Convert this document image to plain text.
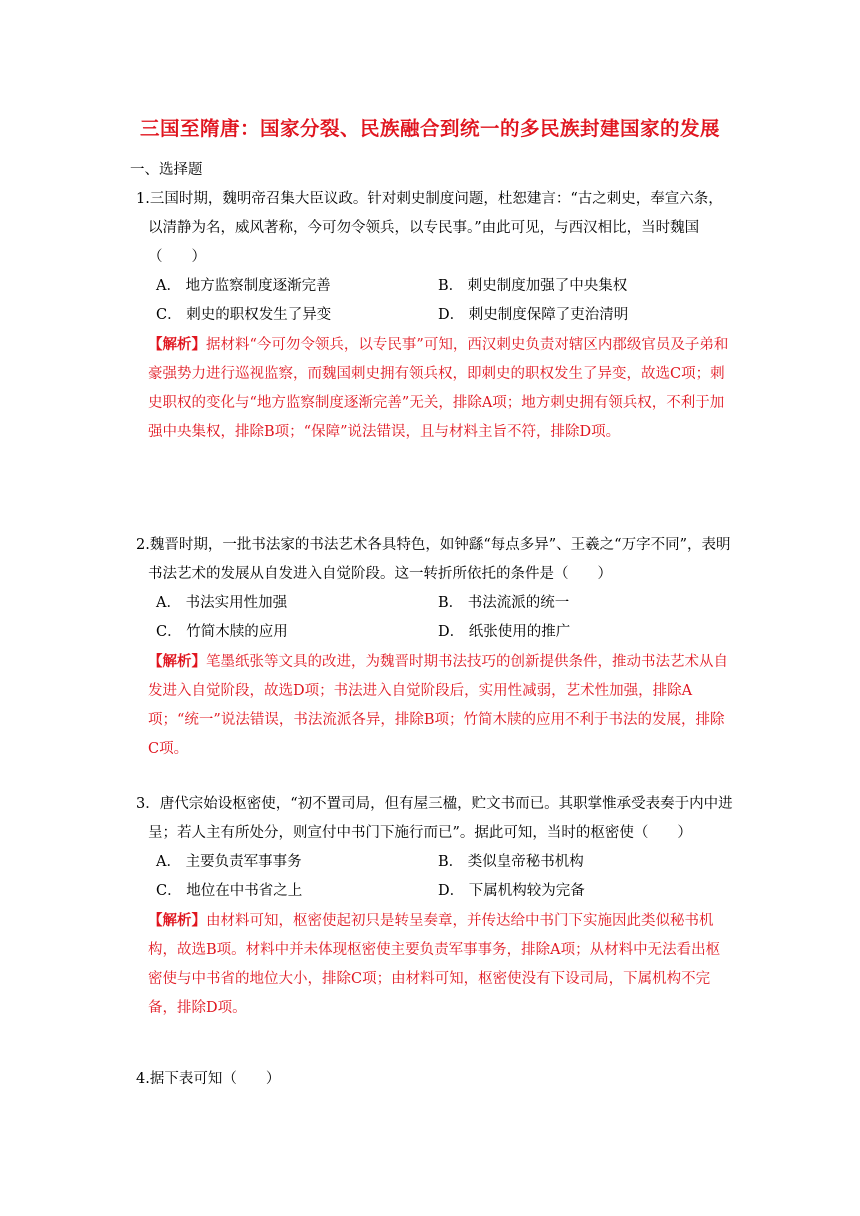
三国至隋唐：国家分裂、民族融合到统一的多民族封建国家的发展
一、选择题
1.三国时期，魏明帝召集大臣议政。针对刺史制度问题，杜恕建言：“古之刺史，奉宣六条，以清静为名，威风著称，今可勿令领兵，以专民事。”由此可见，与西汉相比，当时魏国（　　）
A． 地方监察制度逐渐完善	B． 刺史制度加强了中央集权
C． 刺史的职权发生了异变	D． 刺史制度保障了吏治清明
【解析】据材料“今可勿令领兵，以专民事”可知，西汉刺史负责对辖区内郡级官员及子弟和豪强势力进行巡视监察，而魏国刺史拥有领兵权，即刺史的职权发生了异变，故选C项；刺史职权的变化与“地方监察制度逐渐完善”无关，排除A项；地方刺史拥有领兵权，不利于加强中央集权，排除B项；“保障”说法错误，且与材料主旨不符，排除D项。
2.魏晋时期，一批书法家的书法艺术各具特色，如钟繇“每点多异”、王羲之“万字不同”，表明书法艺术的发展从自发进入自觉阶段。这一转折所依托的条件是（　　）
A． 书法实用性加强	B． 书法流派的统一
C． 竹简木牍的应用	D． 纸张使用的推广
【解析】笔墨纸张等文具的改进，为魏晋时期书法技巧的创新提供条件，推动书法艺术从自发进入自觉阶段，故选D项；书法进入自觉阶段后，实用性减弱，艺术性加强，排除A项；“统一”说法错误，书法流派各异，排除B项；竹简木牍的应用不利于书法的发展，排除C项。
3．唐代宗始设枢密使，“初不置司局，但有屋三楹，贮文书而已。其职掌惟承受表奏于内中进呈；若人主有所处分，则宣付中书门下施行而已”。据此可知，当时的枢密使（　　）
A． 主要负责军事事务	B． 类似皇帝秘书机构
C． 地位在中书省之上	D． 下属机构较为完备
【解析】由材料可知，枢密使起初只是转呈奏章，并传达给中书门下实施因此类似秘书机构，故选B项。材料中并未体现枢密使主要负责军事事务，排除A项；从材料中无法看出枢密使与中书省的地位大小，排除C项；由材料可知，枢密使没有下设司局，下属机构不完备，排除D项。
4.据下表可知（　　）
